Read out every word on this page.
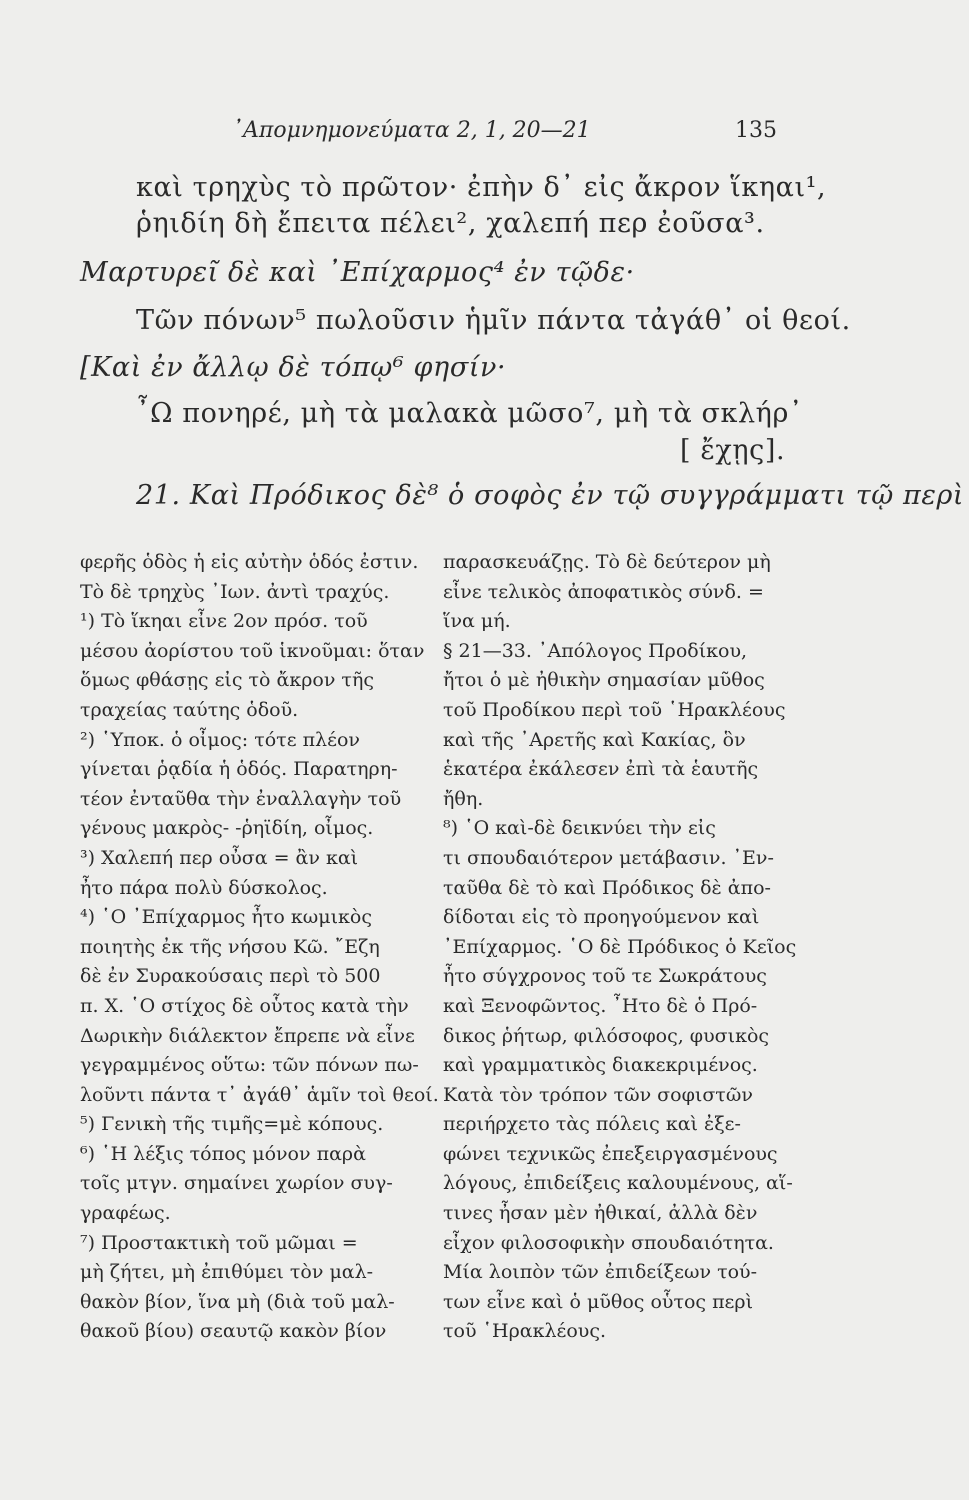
᾽Απομνημονεύματα 2, 1, 20—21	135
καὶ τρηχὺς τὸ πρῶτον· ἐπὴν δ᾽ εἰς ἄκρον ἵκηαι¹,
ῥηιδίη δὴ ἔπειτα πέλει², χαλεπή περ ἐοῦσα³.
Μαρτυρεῖ δὲ καὶ ᾽Επίχαρμος⁴ ἐν τῷδε·
Τῶν πόνων⁵ πωλοῦσιν ἡμῖν πάντα τἀγάθ᾽ οἱ θεοί.
[Καὶ ἐν ἄλλῳ δὲ τόπῳ⁶ φησίν·
῏Ω πονηρέ, μὴ τὰ μαλακὰ μῶσο⁷, μὴ τὰ σκλήρ᾽
[ ἔχῃς].
21. Καὶ Πρόδικος δὲ⁸ ὁ σοφὸς ἐν τῷ συγγράμματι τῷ περὶ
φερῆς ὁδὸς ἡ εἰς αὐτὴν ὁδός ἐστιν.
Τὸ δὲ τρηχὺς ᾽Ιων. ἀντὶ τραχύς.
¹) Τὸ ἵκηαι εἶνε 2ον πρόσ. τοῦ
μέσου ἀορίστου τοῦ ἱκνοῦμαι: ὅταν
ὅμως φθάσῃς εἰς τὸ ἄκρον τῆς
τραχείας ταύτης ὁδοῦ.
²) ῾Υποκ. ὁ οἶμος: τότε πλέον
γίνεται ῥᾳδία ἡ ὁδός. Παρατηρη-
τέον ἐνταῦθα τὴν ἐναλλαγὴν τοῦ
γένους μακρὸς- -ῥηϊδίη, οἶμος.
³) Χαλεπή περ οὖσα = ἂν καὶ
ἦτο πάρα πολὺ δύσκολος.
⁴) ῾Ο ᾽Επίχαρμος ἦτο κωμικὸς
ποιητὴς ἐκ τῆς νήσου Κῶ. ῎Εζη
δὲ ἐν Συρακούσαις περὶ τὸ 500
π. Χ. ῾Ο στίχος δὲ οὗτος κατὰ τὴν
Δωρικὴν διάλεκτον ἔπρεπε νὰ εἶνε
γεγραμμένος οὕτω: τῶν πόνων πω-
λοῦντι πάντα τ᾽ ἀγάθ᾽ ἁμῖν τοὶ θεοί.
⁵) Γενικὴ τῆς τιμῆς=μὲ κόπους.
⁶) ῾Η λέξις τόπος μόνον παρὰ
τοῖς μτγν. σημαίνει χωρίον συγ-
γραφέως.
⁷) Προστακτικὴ τοῦ μῶμαι =
μὴ ζήτει, μὴ ἐπιθύμει τὸν μαλ-
θακὸν βίον, ἵνα μὴ (διὰ τοῦ μαλ-
θακοῦ βίου) σεαυτῷ κακὸν βίον
παρασκευάζῃς. Τὸ δὲ δεύτερον μὴ
εἶνε τελικὸς ἀποφατικὸς σύνδ. =
ἵνα μή.
§ 21—33. ᾽Απόλογος Προδίκου,
ἤτοι ὁ μὲ ἠθικὴν σημασίαν μῦθος
τοῦ Προδίκου περὶ τοῦ ῾Ηρακλέους
καὶ τῆς ᾽Αρετῆς καὶ Κακίας, ὃν
ἑκατέρα ἐκάλεσεν ἐπὶ τὰ ἑαυτῆς
ἤθη.
⁸) ῾Ο καὶ-δὲ δεικνύει τὴν εἰς
τι σπουδαιότερον μετάβασιν. ᾽Εν-
ταῦθα δὲ τὸ καὶ Πρόδικος δὲ ἀπο-
δίδοται εἰς τὸ προηγούμενον καὶ
᾽Επίχαρμος. ῾Ο δὲ Πρόδικος ὁ Κεῖος
ἦτο σύγχρονος τοῦ τε Σωκράτους
καὶ Ξενοφῶντος. ῏Ητο δὲ ὁ Πρό-
δικος ῥήτωρ, φιλόσοφος, φυσικὸς
καὶ γραμματικὸς διακεκριμένος.
Κατὰ τὸν τρόπον τῶν σοφιστῶν
περιήρχετο τὰς πόλεις καὶ ἐξε-
φώνει τεχνικῶς ἐπεξειργασμένους
λόγους, ἐπιδείξεις καλουμένους, αἵ-
τινες ἦσαν μὲν ἠθικαί, ἀλλὰ δὲν
εἶχον φιλοσοφικὴν σπουδαιότητα.
Μία λοιπὸν τῶν ἐπιδείξεων τού-
των εἶνε καὶ ὁ μῦθος οὗτος περὶ
τοῦ ῾Ηρακλέους.
